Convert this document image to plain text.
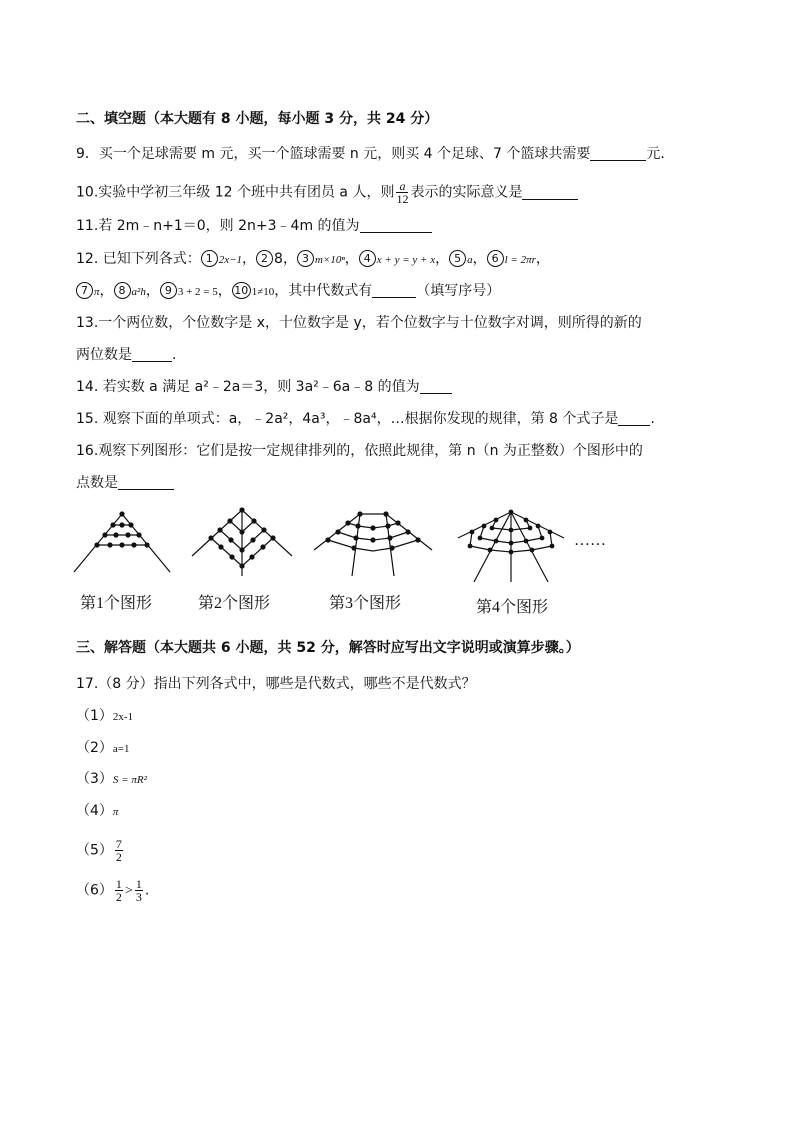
二、填空题（本大题有 8 小题，每小题 3 分，共 24 分）
9．买一个足球需要 m 元，买一个篮球需要 n 元，则买 4 个足球、7 个篮球共需要	元．
10.实验中学初三年级 12 个班中共有团员 a 人，则 $\frac{a}{12}$ 表示的实际意义是
11.若 2m﹣n+1＝0，则 2n+3﹣4m 的值为
12. 已知下列各式： 1 2x−1， 2 8， 3 m×10ⁿ， 4 x + y = y + x， 5 a， 6 l = 2πr，
7 π， 8 a²h， 9 3 + 2 = 5， 10 1≠10，其中代数式有	（填写序号）
13.一个两位数，个位数字是 x，十位数字是 y，若个位数字与十位数字对调，则所得的新的
两位数是	.
14. 若实数 a 满足 a²﹣2a＝3，则 3a²﹣6a﹣8 的值为
15. 观察下面的单项式：a，﹣2a²，4a³，﹣8a⁴，…根据你发现的规律，第 8 个式子是 .
16.观察下列图形：它们是按一定规律排列的，依照此规律，第 n（n 为正整数）个图形中的
点数是
第1个图形	第2个图形	第3个图形	第4个图形
……
三、解答题（本大题共 6 小题，共 52 分，解答时应写出文字说明或演算步骤。）
17.（8 分）指出下列各式中，哪些是代数式，哪些不是代数式？
（1）2x-1
（2）a=1
（3）S = πR²
（4）π
$(5) \frac{7}{2}$
$(6) \frac{1}{2} > \frac{1}{3}$ .
